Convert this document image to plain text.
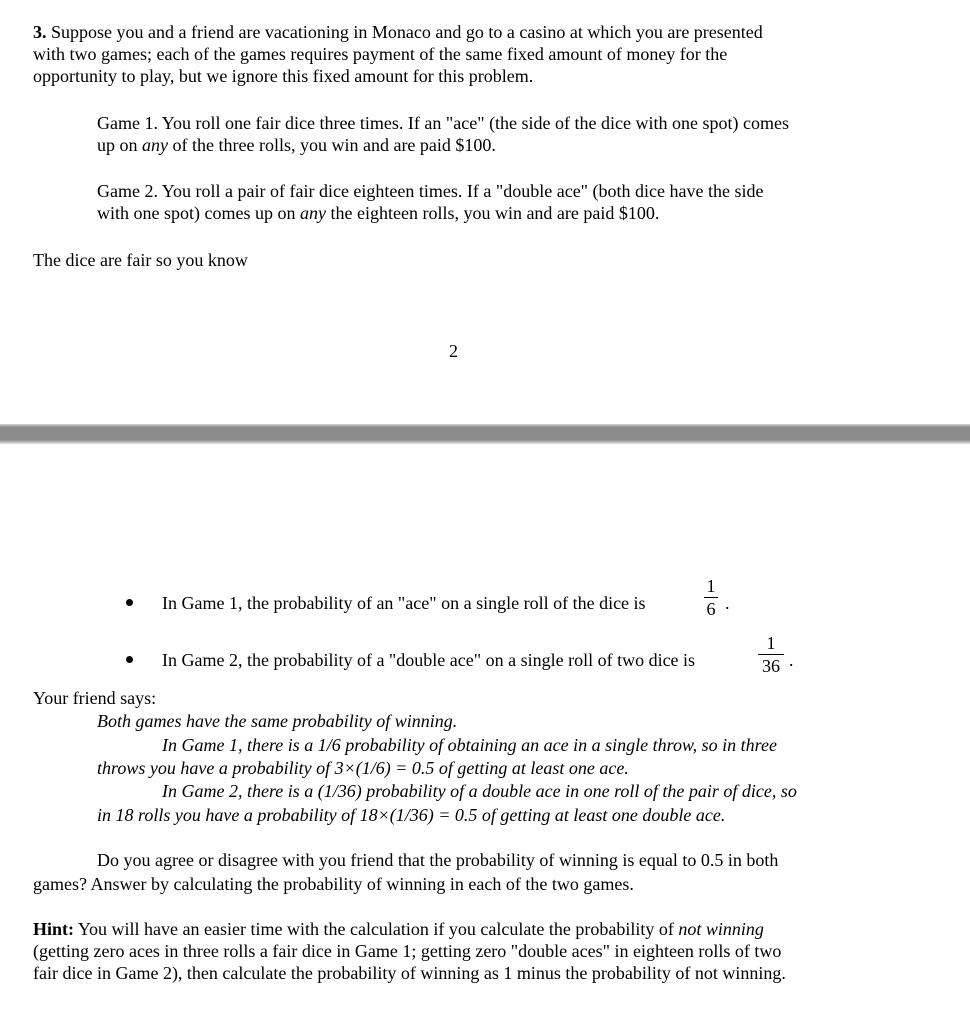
3. Suppose you and a friend are vacationing in Monaco and go to a casino at which you are presented
with two games; each of the games requires payment of the same fixed amount of money for the
opportunity to play, but we ignore this fixed amount for this problem.
Game 1. You roll one fair dice three times. If an "ace" (the side of the dice with one spot) comes
up on any of the three rolls, you win and are paid $100.
Game 2. You roll a pair of fair dice eighteen times. If a "double ace" (both dice have the side
with one spot) comes up on any the eighteen rolls, you win and are paid $100.
The dice are fair so you know
2
In Game 1, the probability of an "ace" on a single roll of the dice is
1
6 .
In Game 2, the probability of a "double ace" on a single roll of two dice is
1
36 .
Your friend says:
Both games have the same probability of winning.
In Game 1, there is a 1/6 probability of obtaining an ace in a single throw, so in three
throws you have a probability of 3×(1/6) = 0.5 of getting at least one ace.
In Game 2, there is a (1/36) probability of a double ace in one roll of the pair of dice, so
in 18 rolls you have a probability of 18×(1/36) = 0.5 of getting at least one double ace.
Do you agree or disagree with you friend that the probability of winning is equal to 0.5 in both
games? Answer by calculating the probability of winning in each of the two games.
Hint: You will have an easier time with the calculation if you calculate the probability of not winning
(getting zero aces in three rolls a fair dice in Game 1; getting zero "double aces" in eighteen rolls of two
fair dice in Game 2), then calculate the probability of winning as 1 minus the probability of not winning.
